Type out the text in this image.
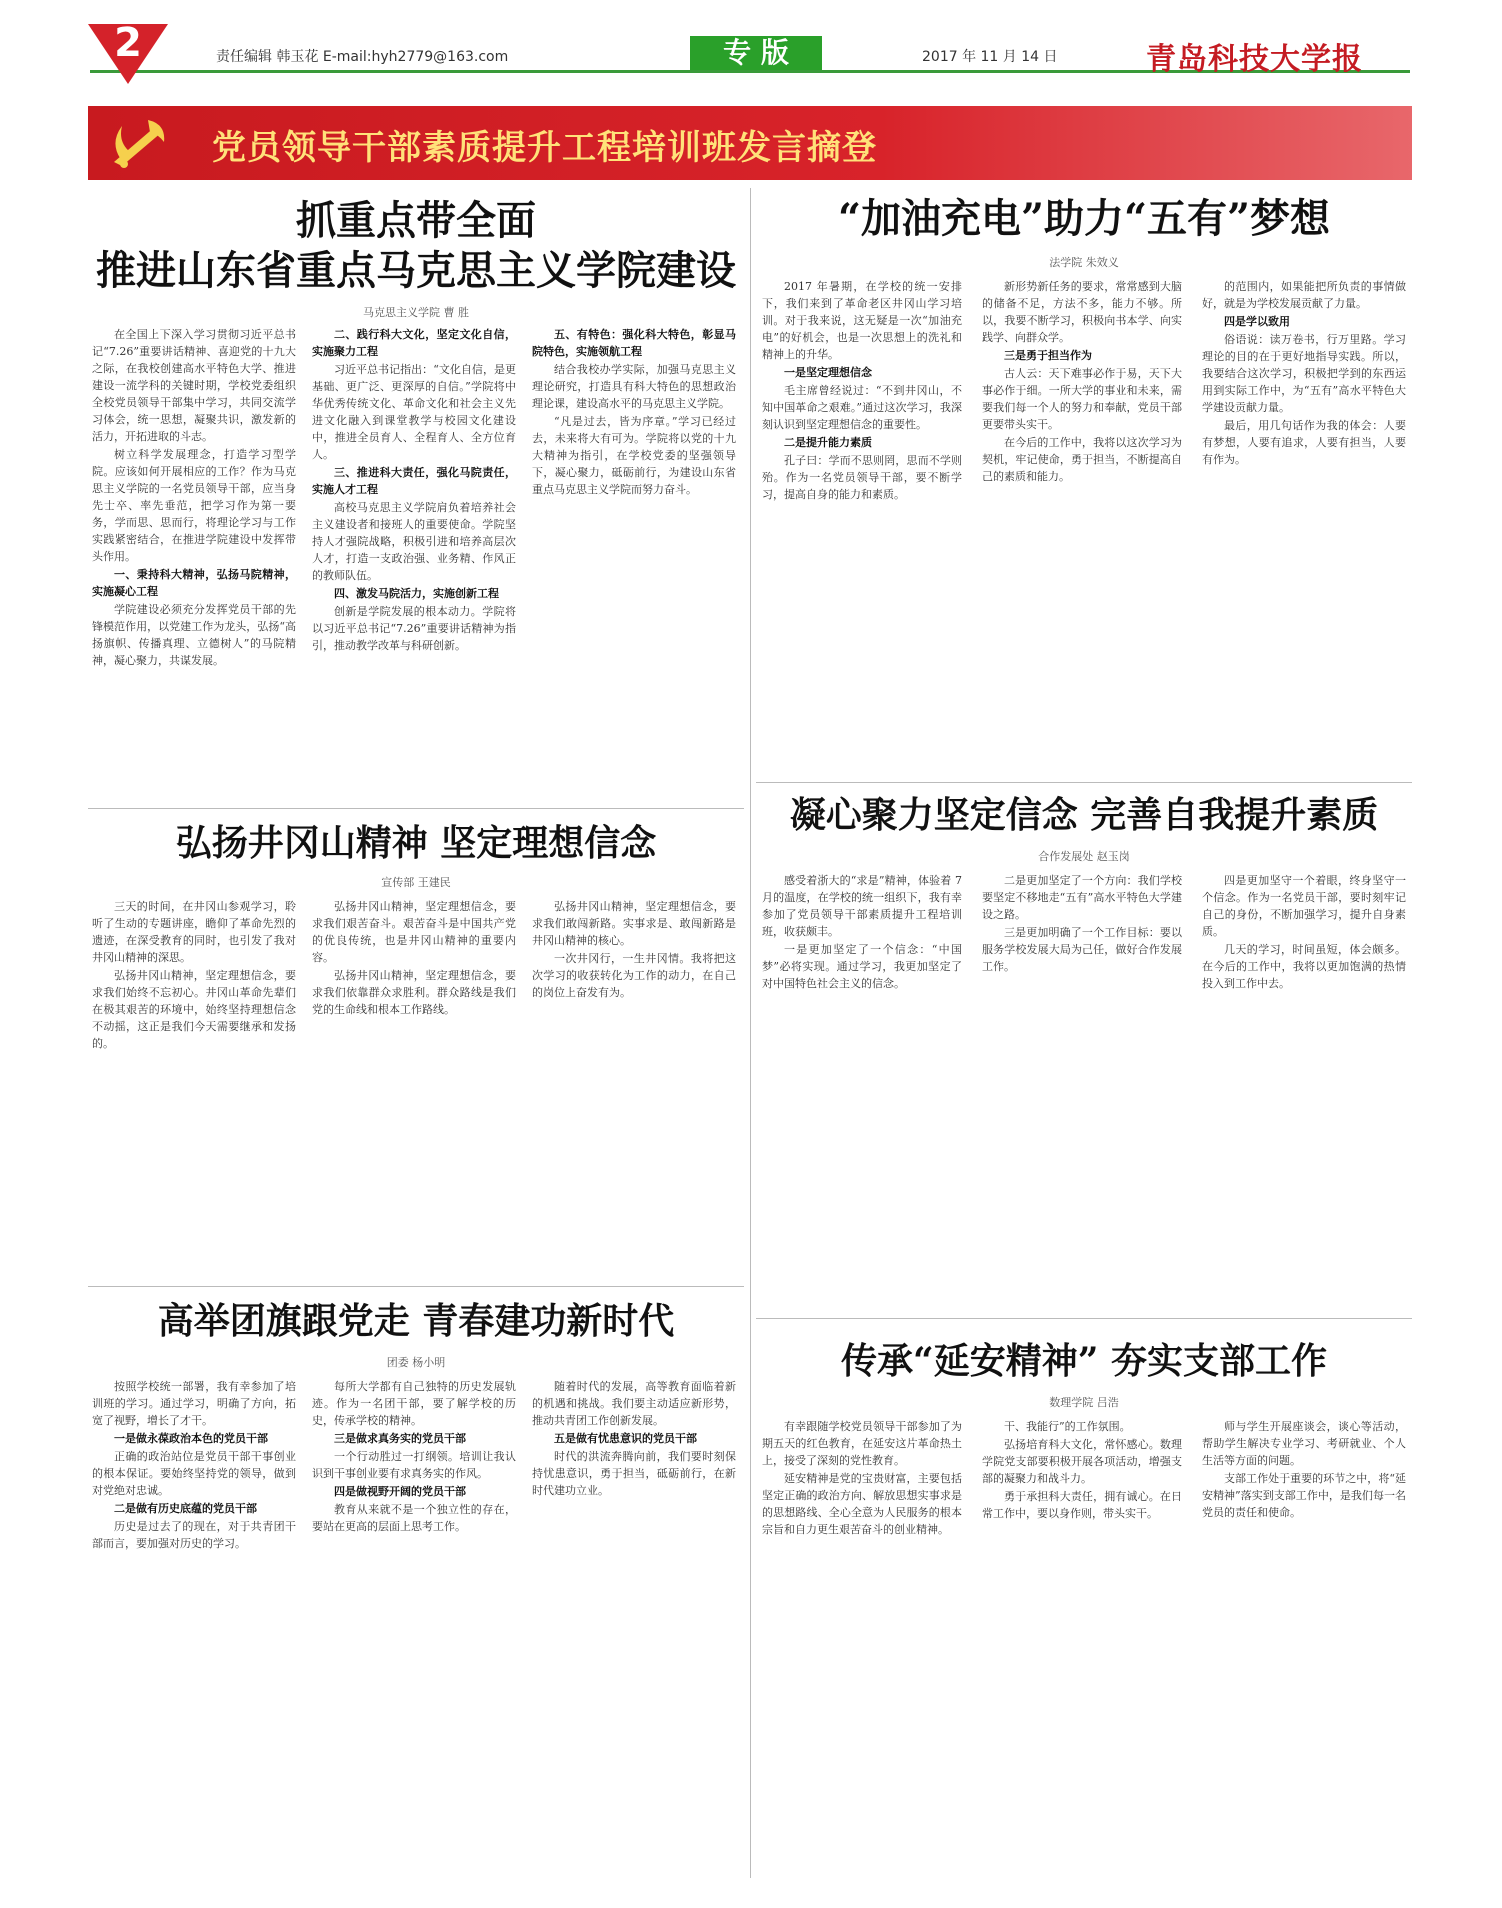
2	责任编辑 韩玉花 E-mail:hyh2779@163.com	专 版	2017 年 11 月 14 日	青岛科技大学报
党员领导干部素质提升工程培训班发言摘登
抓重点带全面
推进山东省重点马克思主义学院建设
马克思主义学院 曹 胜

在全国上下深入学习贯彻习近平总书记“7.26”重要讲话精神、喜迎党的十九大之际，在我校创建高水平特色大学、推进建设一流学科的关键时期，学校党委组织全校党员领导干部集中学习，共同交流学习体会，统一思想，凝聚共识，激发新的活力，开拓进取的斗志。

树立科学发展理念，打造学习型学院。应该如何开展相应的工作？作为马克思主义学院的一名党员领导干部，应当身先士卒、率先垂范，把学习作为第一要务，学而思、思而行，将理论学习与工作实践紧密结合，在推进学院建设中发挥带头作用。

一、秉持科大精神，弘扬马院精神，实施凝心工程

学院建设必须充分发挥党员干部的先锋模范作用，以党建工作为龙头，弘扬“高扬旗帜、传播真理、立德树人”的马院精神，凝心聚力，共谋发展。

二、践行科大文化，坚定文化自信，实施聚力工程

习近平总书记指出：“文化自信，是更基础、更广泛、更深厚的自信。”学院将中华优秀传统文化、革命文化和社会主义先进文化融入到课堂教学与校园文化建设中，推进全员育人、全程育人、全方位育人。

三、推进科大责任，强化马院责任，实施人才工程

高校马克思主义学院肩负着培养社会主义建设者和接班人的重要使命。学院坚持人才强院战略，积极引进和培养高层次人才，打造一支政治强、业务精、作风正的教师队伍。

四、激发马院活力，实施创新工程

创新是学院发展的根本动力。学院将以习近平总书记“7.26”重要讲话精神为指引，推动教学改革与科研创新。

五、有特色：强化科大特色，彰显马院特色，实施领航工程

结合我校办学实际，加强马克思主义理论研究，打造具有科大特色的思想政治理论课，建设高水平的马克思主义学院。

“凡是过去，皆为序章。”学习已经过去，未来将大有可为。学院将以党的十九大精神为指引，在学校党委的坚强领导下，凝心聚力，砥砺前行，为建设山东省重点马克思主义学院而努力奋斗。

“加油充电”助力“五有”梦想
法学院 朱效义

2017 年暑期，在学校的统一安排下，我们来到了革命老区井冈山学习培训。对于我来说，这无疑是一次“加油充电”的好机会，也是一次思想上的洗礼和精神上的升华。

一是坚定理想信念

毛主席曾经说过：“不到井冈山，不知中国革命之艰难。”通过这次学习，我深刻认识到坚定理想信念的重要性。

二是提升能力素质

孔子曰：学而不思则罔，思而不学则殆。作为一名党员领导干部，要不断学习，提高自身的能力和素质。

新形势新任务的要求，常常感到大脑的储备不足，方法不多，能力不够。所以，我要不断学习，积极向书本学、向实践学、向群众学。

三是勇于担当作为

古人云：天下难事必作于易，天下大事必作于细。一所大学的事业和未来，需要我们每一个人的努力和奉献，党员干部更要带头实干。

在今后的工作中，我将以这次学习为契机，牢记使命，勇于担当，不断提高自己的素质和能力。

的范围内，如果能把所负责的事情做好，就是为学校发展贡献了力量。

四是学以致用

俗语说：读万卷书，行万里路。学习理论的目的在于更好地指导实践。所以，我要结合这次学习，积极把学到的东西运用到实际工作中，为“五有”高水平特色大学建设贡献力量。

最后，用几句话作为我的体会：人要有梦想，人要有追求，人要有担当，人要有作为。

弘扬井冈山精神 坚定理想信念
宣传部 王建民

三天的时间，在井冈山参观学习，聆听了生动的专题讲座，瞻仰了革命先烈的遗迹，在深受教育的同时，也引发了我对井冈山精神的深思。

弘扬井冈山精神，坚定理想信念，要求我们始终不忘初心。井冈山革命先辈们在极其艰苦的环境中，始终坚持理想信念不动摇，这正是我们今天需要继承和发扬的。

弘扬井冈山精神，坚定理想信念，要求我们艰苦奋斗。艰苦奋斗是中国共产党的优良传统，也是井冈山精神的重要内容。

弘扬井冈山精神，坚定理想信念，要求我们依靠群众求胜利。群众路线是我们党的生命线和根本工作路线。

弘扬井冈山精神，坚定理想信念，要求我们敢闯新路。实事求是、敢闯新路是井冈山精神的核心。

一次井冈行，一生井冈情。我将把这次学习的收获转化为工作的动力，在自己的岗位上奋发有为。

凝心聚力坚定信念 完善自我提升素质
合作发展处 赵玉岗

感受着浙大的“求是”精神，体验着 7 月的温度，在学校的统一组织下，我有幸参加了党员领导干部素质提升工程培训班，收获颇丰。

一是更加坚定了一个信念：“中国梦”必将实现。通过学习，我更加坚定了对中国特色社会主义的信念。

二是更加坚定了一个方向：我们学校要坚定不移地走“五有”高水平特色大学建设之路。

三是更加明确了一个工作目标：要以服务学校发展大局为己任，做好合作发展工作。

四是更加坚守一个着眼，终身坚守一个信念。作为一名党员干部，要时刻牢记自己的身份，不断加强学习，提升自身素质。

几天的学习，时间虽短，体会颇多。在今后的工作中，我将以更加饱满的热情投入到工作中去。

高举团旗跟党走 青春建功新时代
团委 杨小明

按照学校统一部署，我有幸参加了培训班的学习。通过学习，明确了方向，拓宽了视野，增长了才干。

一是做永葆政治本色的党员干部

正确的政治站位是党员干部干事创业的根本保证。要始终坚持党的领导，做到对党绝对忠诚。

二是做有历史底蕴的党员干部

历史是过去了的现在，对于共青团干部而言，要加强对历史的学习。

每所大学都有自己独特的历史发展轨迹。作为一名团干部，要了解学校的历史，传承学校的精神。

三是做求真务实的党员干部

一个行动胜过一打纲领。培训让我认识到干事创业要有求真务实的作风。

四是做视野开阔的党员干部

教育从来就不是一个独立性的存在，要站在更高的层面上思考工作。

随着时代的发展，高等教育面临着新的机遇和挑战。我们要主动适应新形势，推动共青团工作创新发展。

五是做有忧患意识的党员干部

时代的洪流奔腾向前，我们要时刻保持忧患意识，勇于担当，砥砺前行，在新时代建功立业。

传承“延安精神” 夯实支部工作
数理学院 吕浩

有幸跟随学校党员领导干部参加了为期五天的红色教育，在延安这片革命热土上，接受了深刻的党性教育。

延安精神是党的宝贵财富，主要包括坚定正确的政治方向、解放思想实事求是的思想路线、全心全意为人民服务的根本宗旨和自力更生艰苦奋斗的创业精神。

干、我能行”的工作氛围。

弘扬培育科大文化，常怀感心。数理学院党支部要积极开展各项活动，增强支部的凝聚力和战斗力。

勇于承担科大责任，拥有诚心。在日常工作中，要以身作则，带头实干。

师与学生开展座谈会，谈心等活动，帮助学生解决专业学习、考研就业、个人生活等方面的问题。

支部工作处于重要的环节之中，将“延安精神”落实到支部工作中，是我们每一名党员的责任和使命。
